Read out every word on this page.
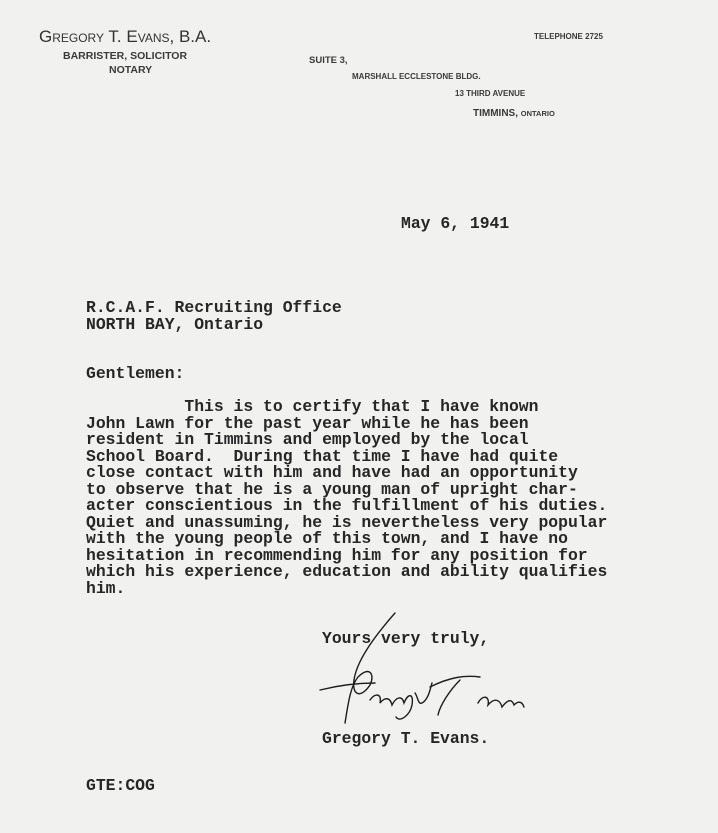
Gregory T. Evans, B.A.
BARRISTER, SOLICITOR
NOTARY
TELEPHONE 2725
SUITE 3,
MARSHALL ECCLESTONE BLDG.
13 THIRD AVENUE
TIMMINS, ONTARIO
May 6, 1941
R.C.A.F. Recruiting Office
NORTH BAY, Ontario
Gentlemen:
This is to certify that I have known
John Lawn for the past year while he has been
resident in Timmins and employed by the local
School Board.  During that time I have had quite
close contact with him and have had an opportunity
to observe that he is a young man of upright char-
acter conscientious in the fulfillment of his duties.
Quiet and unassuming, he is nevertheless very popular
with the young people of this town, and I have no
hesitation in recommending him for any position for
which his experience, education and ability qualifies
him.
Yours very truly,
Gregory T. Evans.
GTE:COG
